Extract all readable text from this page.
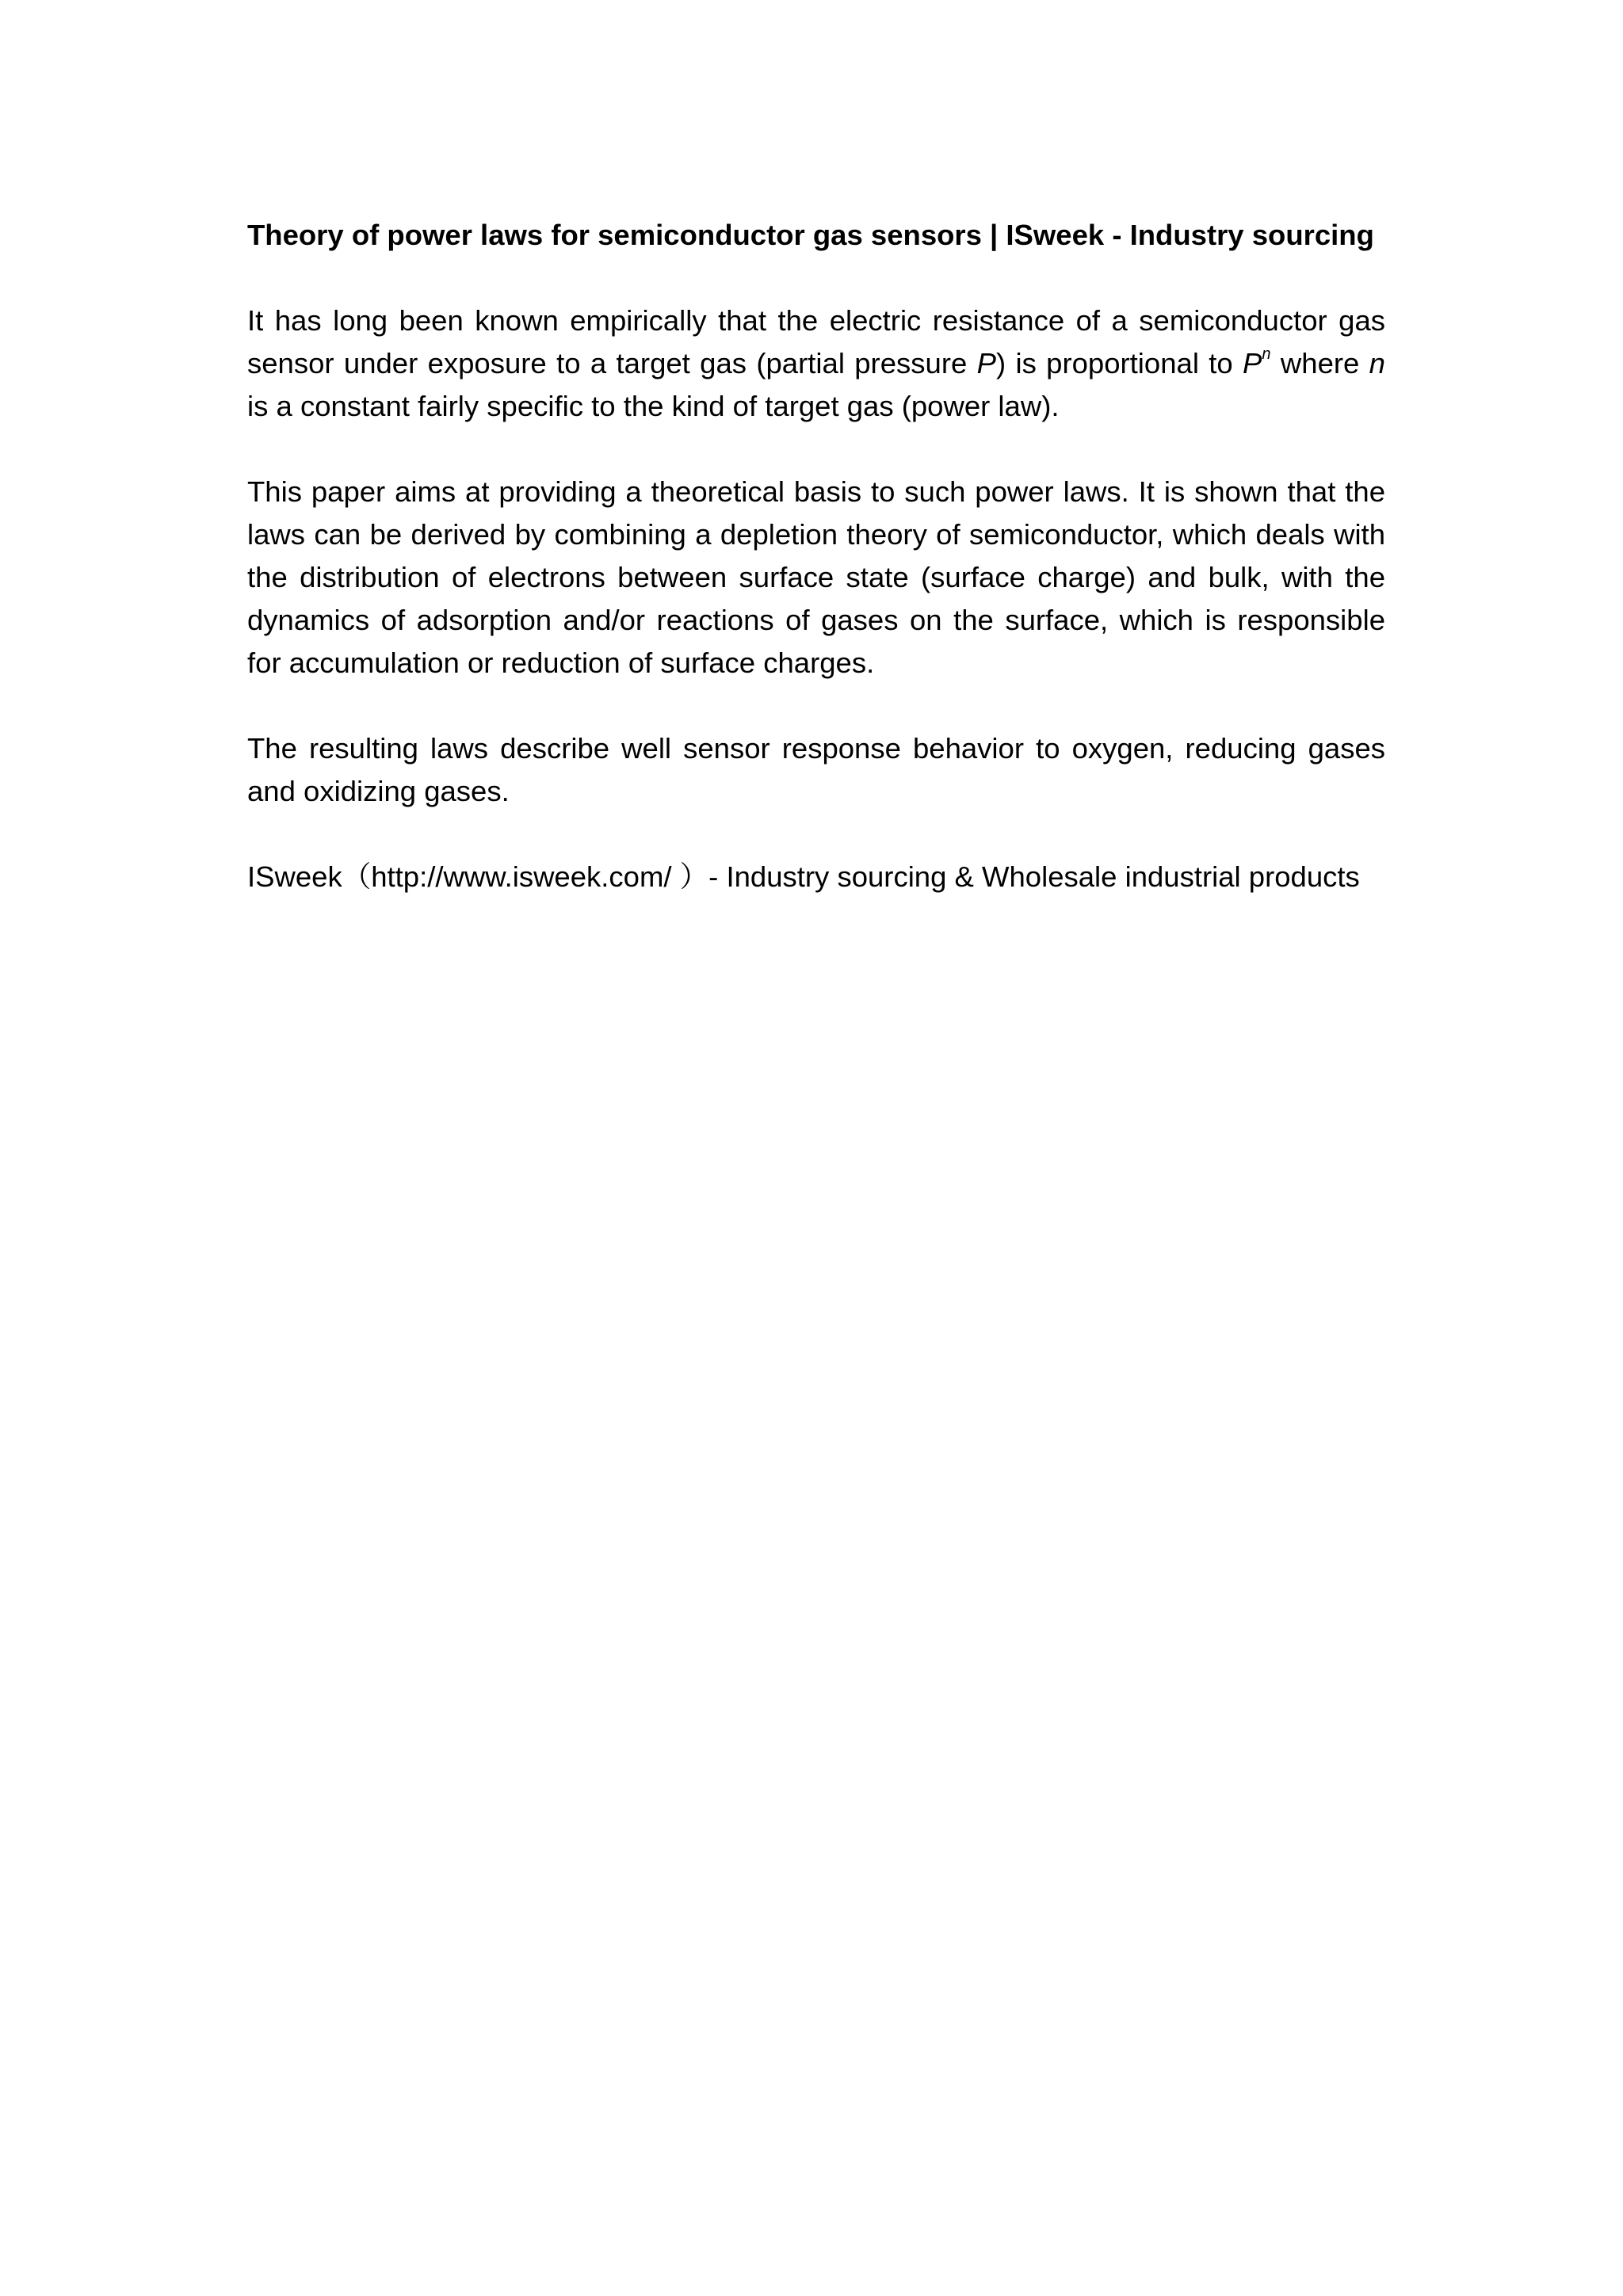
Theory of power laws for semiconductor gas sensors | ISweek - Industry sourcing

It has long been known empirically that the electric resistance of a semiconductor gas sensor under exposure to a target gas (partial pressure P) is proportional to $P^n$ where n is a constant fairly specific to the kind of target gas (power law).

This paper aims at providing a theoretical basis to such power laws. It is shown that the laws can be derived by combining a depletion theory of semiconductor, which deals with the distribution of electrons between surface state (surface charge) and bulk, with the dynamics of adsorption and/or reactions of gases on the surface, which is responsible for accumulation or reduction of surface charges.

The resulting laws describe well sensor response behavior to oxygen, reducing gases and oxidizing gases.

ISweek（http://www.isweek.com/ ）- Industry sourcing & Wholesale industrial products
